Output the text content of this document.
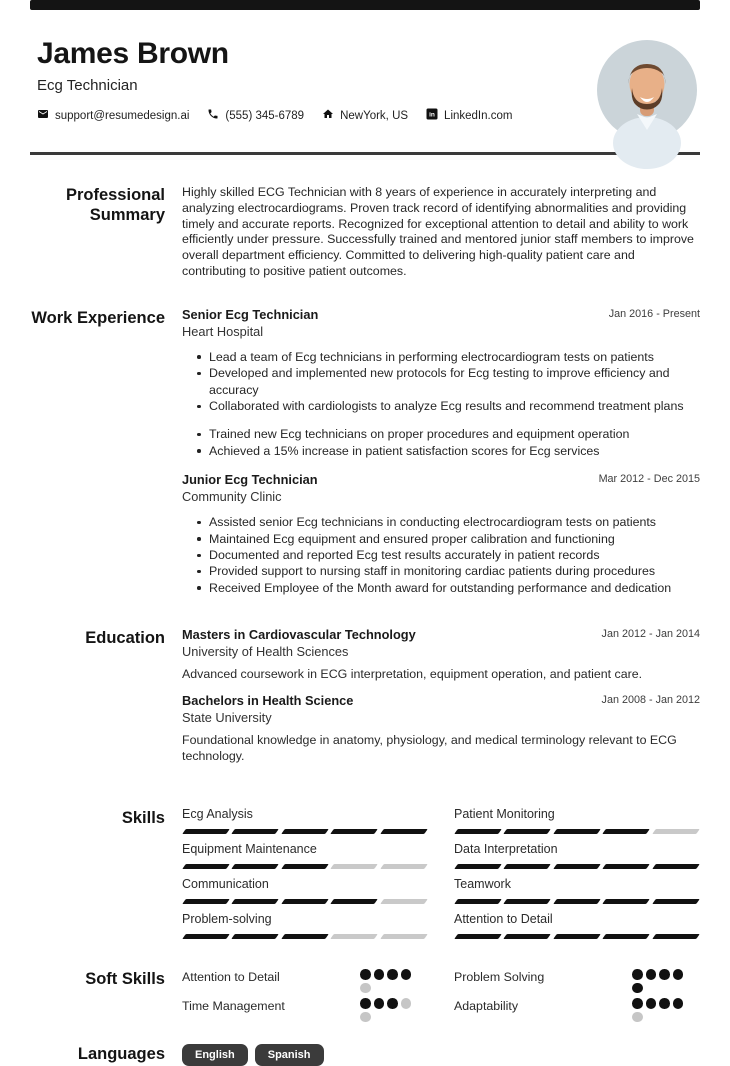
James Brown
Ecg Technician
support@resumedesign.ai	(555) 345-6789	NewYork, US in LinkedIn.com
Professional Summary
Highly skilled ECG Technician with 8 years of experience in accurately interpreting and analyzing electrocardiograms. Proven track record of identifying abnormalities and providing timely and accurate reports. Recognized for exceptional attention to detail and ability to work efficiently under pressure. Successfully trained and mentored junior staff members to improve overall department efficiency. Committed to delivering high-quality patient care and contributing to positive patient outcomes.
Work Experience Senior Ecg Technician	Jan 2016 - Present
Heart Hospital
Lead a team of Ecg technicians in performing electrocardiogram tests on patients
Developed and implemented new protocols for Ecg testing to improve efficiency and accuracy
Collaborated with cardiologists to analyze Ecg results and recommend treatment plans
Trained new Ecg technicians on proper procedures and equipment operation
Achieved a 15% increase in patient satisfaction scores for Ecg services
Junior Ecg Technician	Mar 2012 - Dec 2015
Community Clinic
Assisted senior Ecg technicians in conducting electrocardiogram tests on patients
Maintained Ecg equipment and ensured proper calibration and functioning
Documented and reported Ecg test results accurately in patient records
Provided support to nursing staff in monitoring cardiac patients during procedures
Received Employee of the Month award for outstanding performance and dedication
Education Masters in Cardiovascular Technology	Jan 2012 - Jan 2014
University of Health Sciences
Advanced coursework in ECG interpretation, equipment operation, and patient care.
Bachelors in Health Science	Jan 2008 - Jan 2012
State University
Foundational knowledge in anatomy, physiology, and medical terminology relevant to ECG technology.
Skills Ecg Analysis	Patient Monitoring
Equipment Maintenance	Data Interpretation
Communication	Teamwork
Problem-solving	Attention to Detail
Soft Skills Attention to Detail	Problem Solving
Time Management	Adaptability
Languages	English	Spanish
